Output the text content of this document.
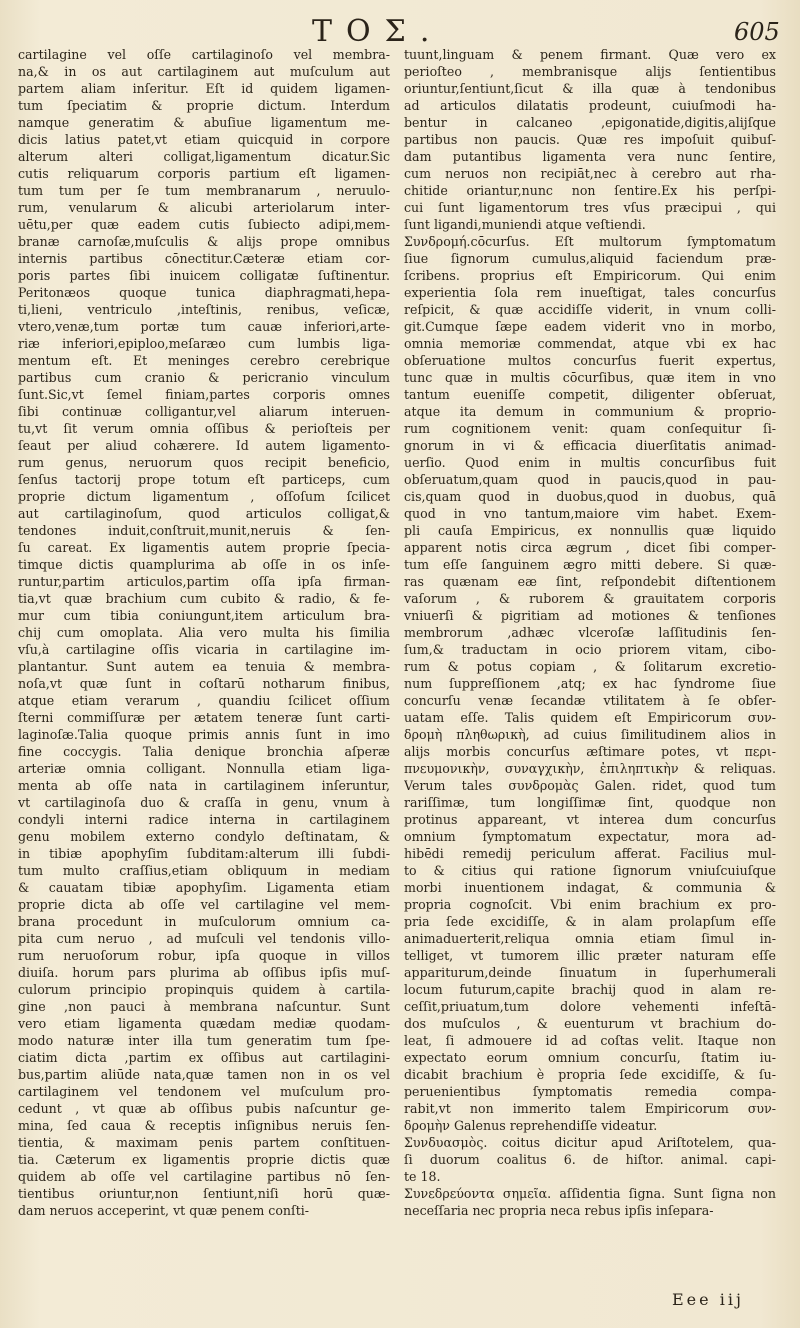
TOΣ.	605

cartilagine vel oſſe cartilaginoſo vel membra-

na,& in os aut cartilaginem aut muſculum aut

partem aliam inſeritur. Eſt id quidem ligamen-

tum ſpeciatim & proprie dictum. Interdum

namque generatim & abuſiue ligamentum me-

dicis latius patet,vt etiam quicquid in corpore

alterum alteri colligat,ligamentum dicatur.Sic

cutis reliquarum corporis partium eſt ligamen-

tum tum per ſe tum membranarum , neruulo-

rum, venularum & alicubi arteriolarum inter-

uētu,per quæ eadem cutis ſubiecto adipi,mem-

branæ carnoſæ,muſculis & alijs prope omnibus

internis partibus cōnectitur.Cæteræ etiam cor-

poris partes ſibi inuicem colligatæ ſuſtinentur.

Peritonæos quoque tunica diaphragmati,hepa-

ti,lieni, ventriculo ,inteſtinis, renibus, veſicæ,

vtero,venæ,tum portæ tum cauæ inferiori,arte-

riæ inferiori,epiploo,meſaræo cum lumbis liga-

mentum eſt. Et meninges cerebro cerebrique

partibus cum cranio & pericranio vinculum

ſunt.Sic,vt ſemel finiam,partes corporis omnes

ſibi continuæ colligantur,vel aliarum interuen-

tu,vt ſit verum omnia oſſibus & perioſteis per

ſeaut per aliud cohærere. Id autem ligamento-

rum genus, neruorum quos recipit beneficio,

ſenſus tactorij prope totum eſt particeps, cum

proprie dictum ligamentum , oſſoſum ſcilicet

aut cartilaginoſum, quod articulos colligat,&

tendones induit,conſtruit,munit,neruis & ſen-

ſu careat. Ex ligamentis autem proprie ſpecia-

timque dictis quamplurima ab oſſe in os inſe-

runtur,partim articulos,partim oſſa ipſa firman-

tia,vt quæ brachium cum cubito & radio, & fe-

mur cum tibia coniungunt,item articulum bra-

chij cum omoplata. Alia vero multa his ſimilia

vſu,à cartilagine oſſis vicaria in cartilagine im-

plantantur. Sunt autem ea tenuia & membra-

noſa,vt quæ ſunt in coſtarū notharum finibus,

atque etiam verarum , quandiu ſcilicet oſſium

ſterni commiſſuræ per ætatem teneræ ſunt carti-

laginoſæ.Talia quoque primis annis ſunt in imo

fine coccygis. Talia denique bronchia aſperæ

arteriæ omnia colligant. Nonnulla etiam liga-

menta ab oſſe nata in cartilaginem inſeruntur,

vt cartilaginoſa duo & craſſa in genu, vnum à

condyli interni radice interna in cartilaginem

genu mobilem externo condylo deſtinatam, &

in tibiæ apophyſim ſubditam:alterum illi ſubdi-

tum multo craſſius,etiam obliquum in mediam

& cauatam tibiæ apophyſim. Ligamenta etiam

proprie dicta ab oſſe vel cartilagine vel mem-

brana procedunt in muſculorum omnium ca-

pita cum neruo , ad muſculi vel tendonis villo-

rum neruoſorum robur, ipſa quoque in villos

diuiſa. horum pars plurima ab oſſibus ipſis muſ-

culorum principio propinquis quidem à cartila-

gine ,non pauci à membrana naſcuntur. Sunt

vero etiam ligamenta quædam mediæ quodam-

modo naturæ inter illa tum generatim tum ſpe-

ciatim dicta ,partim ex oſſibus aut cartilagini-

bus,partim aliūde nata,quæ tamen non in os vel

cartilaginem vel tendonem vel muſculum pro-

cedunt , vt quæ ab oſſibus pubis naſcuntur ge-

mina, ſed caua & receptis inſignibus neruis ſen-

tientia, & maximam penis partem conſtituen-

tia. Cæterum ex ligamentis proprie dictis quæ

quidem ab oſſe vel cartilagine partibus nō ſen-

tientibus oriuntur,non ſentiunt,niſi horū quæ-

dam neruos acceperint, vt quæ penem conſti-

tuunt,linguam & penem firmant. Quæ vero ex

perioſteo , membranisque alijs ſentientibus

oriuntur,ſentiunt,ſicut & illa quæ à tendonibus

ad articulos dilatatis prodeunt, cuiuſmodi ha-

bentur in calcaneo ,epigonatide,digitis,alijſque

partibus non paucis. Quæ res impoſuit quibuſ-

dam putantibus ligamenta vera nunc ſentire,

cum neruos non recipiāt,nec à cerebro aut rha-

chitide oriantur,nunc non ſentire.Ex his perſpi-

cui ſunt ligamentorum tres vſus præcipui , qui

ſunt ligandi,muniendi atque veſtiendi.

Συνδρομή.cōcurſus. Eſt multorum ſymptomatum

ſiue ſignorum cumulus,aliquid faciendum præ-

ſcribens. proprius eſt Empiricorum. Qui enim

experientia ſola rem inueſtigat, tales concurſus

reſpicit, & quæ accidiſſe viderit, in vnum colli-

git.Cumque ſæpe eadem viderit vno in morbo,

omnia memoriæ commendat, atque vbi ex hac

obſeruatione multos concurſus fuerit expertus,

tunc quæ in multis cōcurſibus, quæ item in vno

tantum eueniſſe competit, diligenter obſeruat,

atque ita demum in communium & proprio-

rum cognitionem venit: quam conſequitur ſi-

gnorum in vi & efficacia diuerſitatis animad-

uerſio. Quod enim in multis concurſibus fuit

obſeruatum,quam quod in paucis,quod in pau-

cis,quam quod in duobus,quod in duobus, quā

quod in vno tantum,maiore vim habet. Exem-

pli cauſa Empiricus, ex nonnullis quæ liquido

apparent notis circa ægrum , dicet ſibi comper-

tum eſſe ſanguinem ægro mitti debere. Si quæ-

ras quænam eæ ſint, reſpondebit diſtentionem

vaſorum , & ruborem & grauitatem corporis

vniuerſi & pigritiam ad motiones & tenſiones

membrorum ,adhæc vlceroſæ laſſitudinis ſen-

ſum,& traductam in ocio priorem vitam, cibo-

rum & potus copiam , & ſolitarum excretio-

num ſuppreſſionem ,atq; ex hac ſyndrome ſiue

concurſu venæ ſecandæ vtilitatem à ſe obſer-

uatam eſſe. Talis quidem eſt Empiricorum συν-

δρομὴ πληθωρικὴ, ad cuius ſimilitudinem alios in

alijs morbis concurſus æſtimare potes, vt περι-

πνευμονικὴν, συναγχικὴν, ἐπιληπτικὴν & reliquas.

Verum tales συνδρομὰς Galen. ridet, quod tum

rariſſimæ, tum longiſſimæ ſint, quodque non

protinus appareant, vt interea dum concurſus

omnium ſymptomatum expectatur, mora ad-

hibēdi remedij periculum afferat. Facilius mul-

to & citius qui ratione ſignorum vniuſcuiuſque

morbi inuentionem indagat, & communia &

propria cognoſcit. Vbi enim brachium ex pro-

pria ſede excidiſſe, & in alam prolapſum eſſe

animaduerterit,reliqua omnia etiam ſimul in-

telliget, vt tumorem illic præter naturam eſſe

appariturum,deinde ſinuatum in ſuperhumerali

locum futurum,capite brachij quod in alam re-

ceſſit,priuatum,tum dolore vehementi infeſtā-

dos muſculos , & euenturum vt brachium do-

leat, ſi admouere id ad coſtas velit. Itaque non

expectato eorum omnium concurſu, ſtatim iu-

dicabit brachium è propria ſede excidiſſe, & ſu-

peruenientibus ſymptomatis remedia compa-

rabit,vt non immerito talem Empiricorum συν-

δρομὴν Galenus reprehendiſſe videatur.

Συνδυασμὸς. coitus dicitur apud Ariſtotelem, qua-

ſi duorum coalitus 6. de hiſtor. animal. capi-

te 18.

Συνεδρεύοντα σημεῖα. aſſidentia ſigna. Sunt ſigna non

neceſſaria nec propria neca rebus ipſis inſepara-

Eee iij
